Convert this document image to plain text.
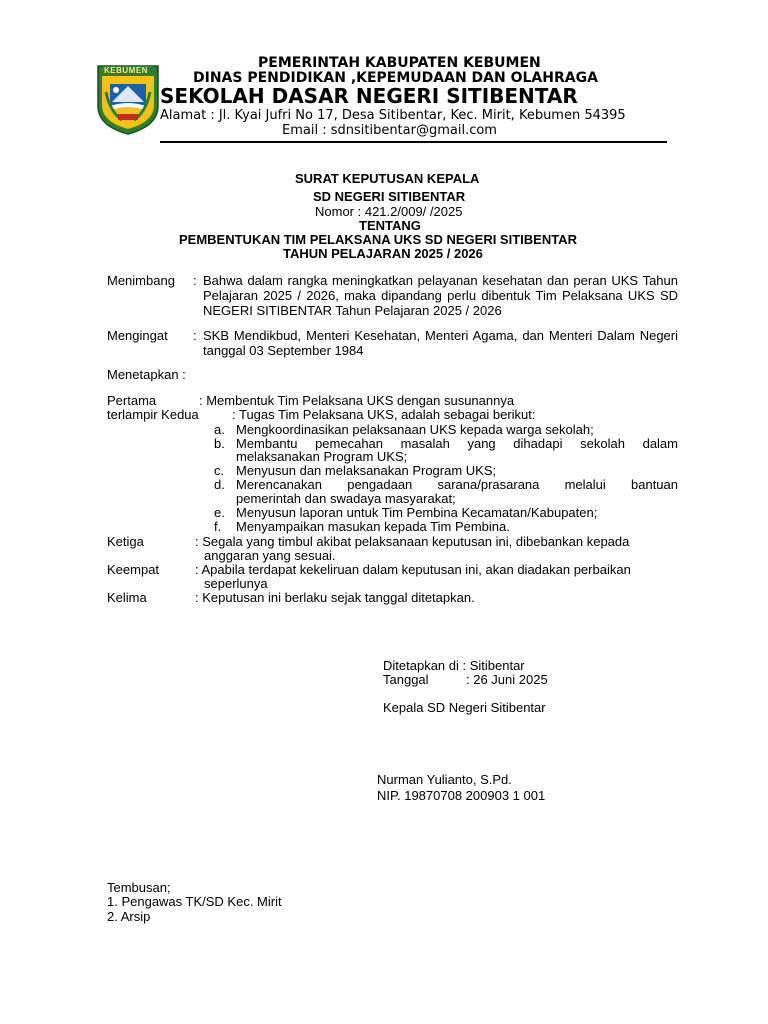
KEBUMEN	PEMERINTAH KABUPATEN KEBUMEN
DINAS PENDIDIKAN ,KEPEMUDAAN DAN OLAHRAGA
SEKOLAH DASAR NEGERI SITIBENTAR
Alamat : Jl. Kyai Jufri No 17, Desa Sitibentar, Kec. Mirit, Kebumen 54395
Email : sdnsitibentar@gmail.com
SURAT KEPUTUSAN KEPALA
SD NEGERI SITIBENTAR
Nomor : 421.2/009/ /2025
TENTANG
PEMBENTUKAN TIM PELAKSANA UKS SD NEGERI SITIBENTAR
TAHUN PELAJARAN 2025 / 2026
Menimbang : Bahwa dalam rangka meningkatkan pelayanan kesehatan dan peran UKS Tahun Pelajaran 2025 / 2026, maka dipandang perlu dibentuk Tim Pelaksana UKS SD NEGERI SITIBENTAR Tahun Pelajaran 2025 / 2026
Mengingat : SKB Mendikbud, Menteri Kesehatan, Menteri Agama, dan Menteri Dalam Negeri tanggal 03 September 1984
Menetapkan :
Pertama	: Membentuk Tim Pelaksana UKS dengan susunannya
terlampir Kedua	: Tugas Tim Pelaksana UKS, adalah sebagai berikut:
a. Mengkoordinasikan pelaksanaan UKS kepada warga sekolah;
b. Membantu pemecahan masalah yang dihadapi sekolah dalam
melaksanakan Program UKS;
c. Menyusun dan melaksanakan Program UKS;
d. Merencanakan pengadaan sarana/prasarana melalui bantuan
pemerintah dan swadaya masyarakat;
e. Menyusun laporan untuk Tim Pembina Kecamatan/Kabupaten;
f. Menyampaikan masukan kepada Tim Pembina.
Ketiga	: Segala yang timbul akibat pelaksanaan keputusan ini, dibebankan kepada
anggaran yang sesuai.
Keempat	: Apabila terdapat kekeliruan dalam keputusan ini, akan diadakan perbaikan
seperlunya
Kelima	: Keputusan ini berlaku sejak tanggal ditetapkan.
Ditetapkan di : Sitibentar
Tanggal	: 26 Juni 2025
Kepala SD Negeri Sitibentar
Nurman Yulianto, S.Pd.
NIP. 19870708 200903 1 001
Tembusan;
1. Pengawas TK/SD Kec. Mirit
2. Arsip
